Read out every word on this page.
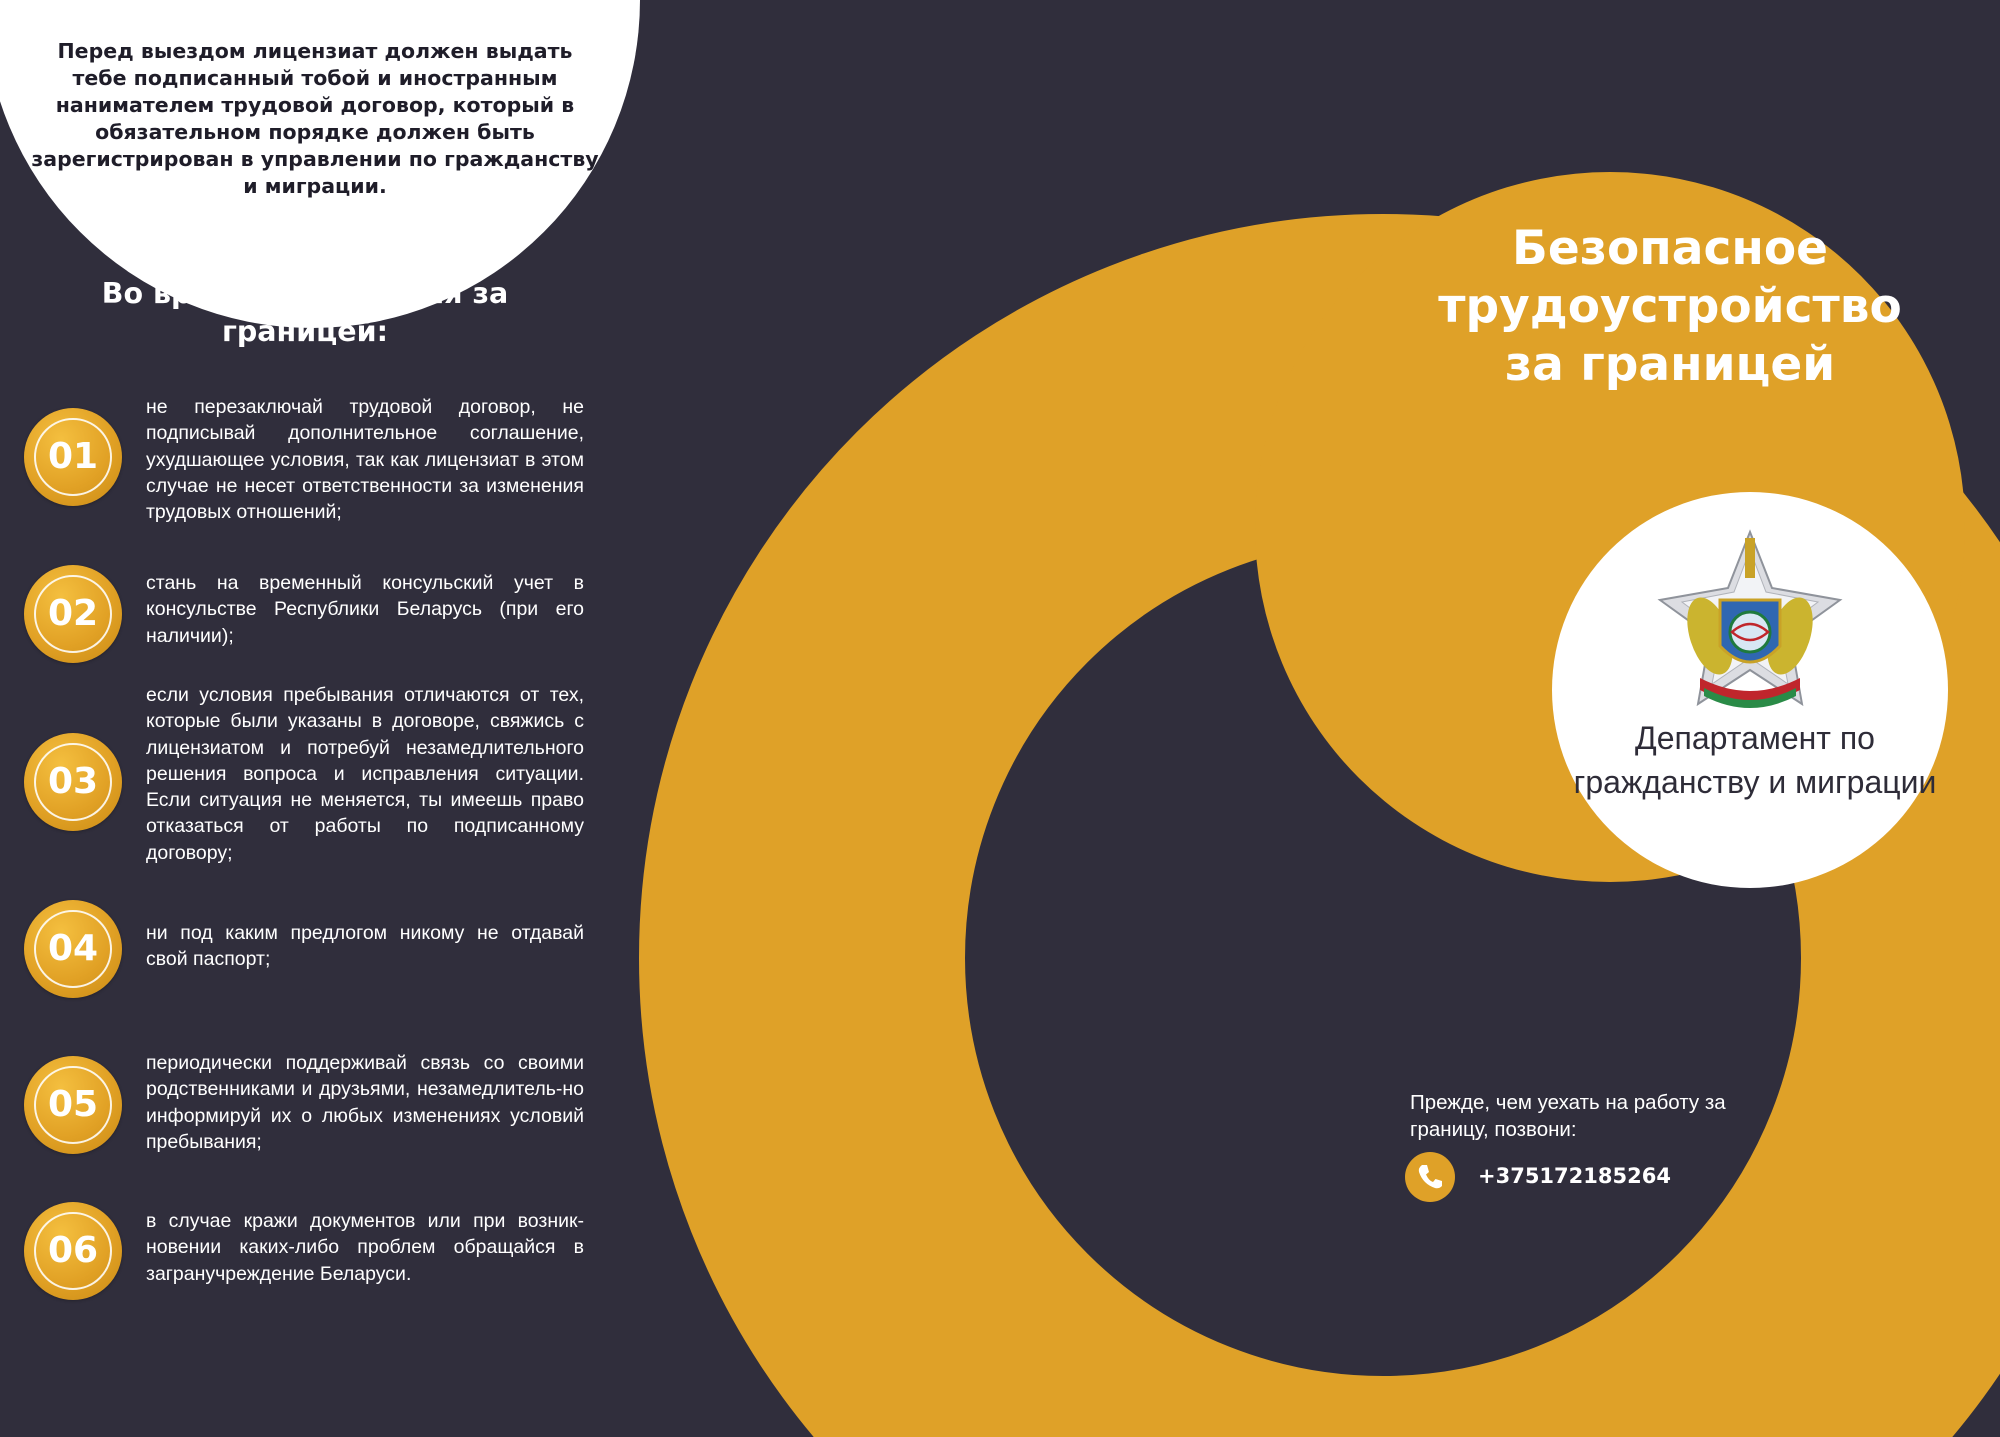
Перед выездом лицензиат должен выдать тебе подписанный тобой и иностранным нанимателем трудовой договор, который в обязательном порядке должен быть зарегистрирован в управлении по гражданству и миграции.
Во время пребывания за границей:
01
не перезаключай трудовой договор, не подписывай дополнительное соглашение, ухудшающее условия, так как лицензиат в этом случае не несет ответственности за изменения трудовых отношений;
02
стань на временный консульский учет в консульстве Республики Беларусь (при его наличии);
03
если условия пребывания отличаются от тех, которые были указаны в договоре, свяжись с лицензиатом и потребуй незамедлительного решения вопроса и исправления ситуации. Если ситуация не меняется, ты имеешь право отказаться от работы по подписанному договору;
04	ни под каким предлогом никому не отдавай свой паспорт;
05
периодически поддерживай связь со своими родственниками и друзьями, незамедлитель-но информируй их о любых изменениях условий пребывания;
06
в случае кражи документов или при возник-новении каких-либо проблем обращайся в загранучреждение Беларуси.
Безопасное трудоустройство за границей
Департамент по гражданству и миграции
Прежде, чем уехать на работу за границу, позвони:
+375172185264
